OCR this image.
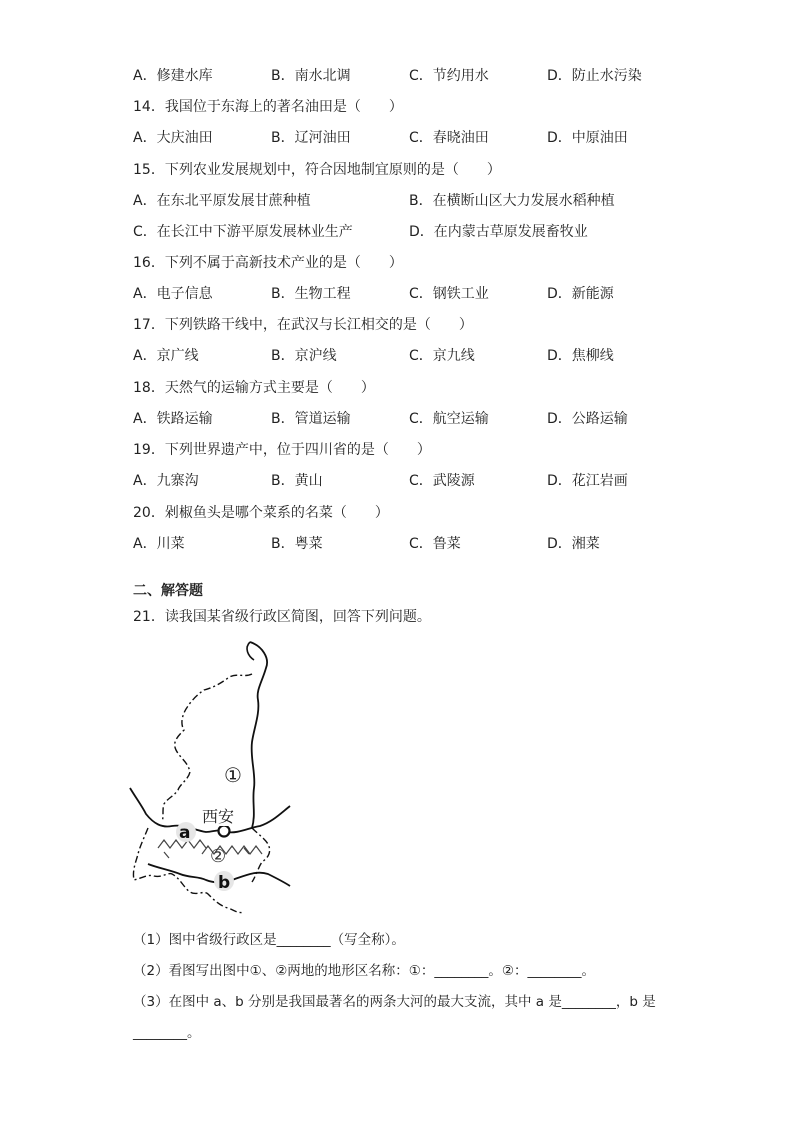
A．修建水库	B．南水北调	C．节约用水	D．防止水污染
14．我国位于东海上的著名油田是（　　）
A．大庆油田	B．辽河油田	C．春晓油田	D．中原油田
15．下列农业发展规划中，符合因地制宜原则的是（　　）
A．在东北平原发展甘蔗种植	B．在横断山区大力发展水稻种植
C．在长江中下游平原发展林业生产	D．在内蒙古草原发展畜牧业
16．下列不属于高新技术产业的是（　　）
A．电子信息	B．生物工程	C．钢铁工业	D．新能源
17．下列铁路干线中，在武汉与长江相交的是（　　）
A．京广线	B．京沪线	C．京九线	D．焦柳线
18．天然气的运输方式主要是（　　）
A．铁路运输	B．管道运输	C．航空运输	D．公路运输
19．下列世界遗产中，位于四川省的是（　　）
A．九寨沟	B．黄山	C．武陵源	D．花江岩画
20．剁椒鱼头是哪个菜系的名菜（　　）
A．川菜	B．粤菜	C．鲁菜	D．湘菜
二、解答题
21．读我国某省级行政区简图，回答下列问题。
西安
a
b
①
②
（1）图中省级行政区是________（写全称）。
（2）看图写出图中①、②两地的地形区名称：①：________。②：________。
（3）在图中 a、b 分别是我国最著名的两条大河的最大支流，其中 a 是________，b 是
________。
